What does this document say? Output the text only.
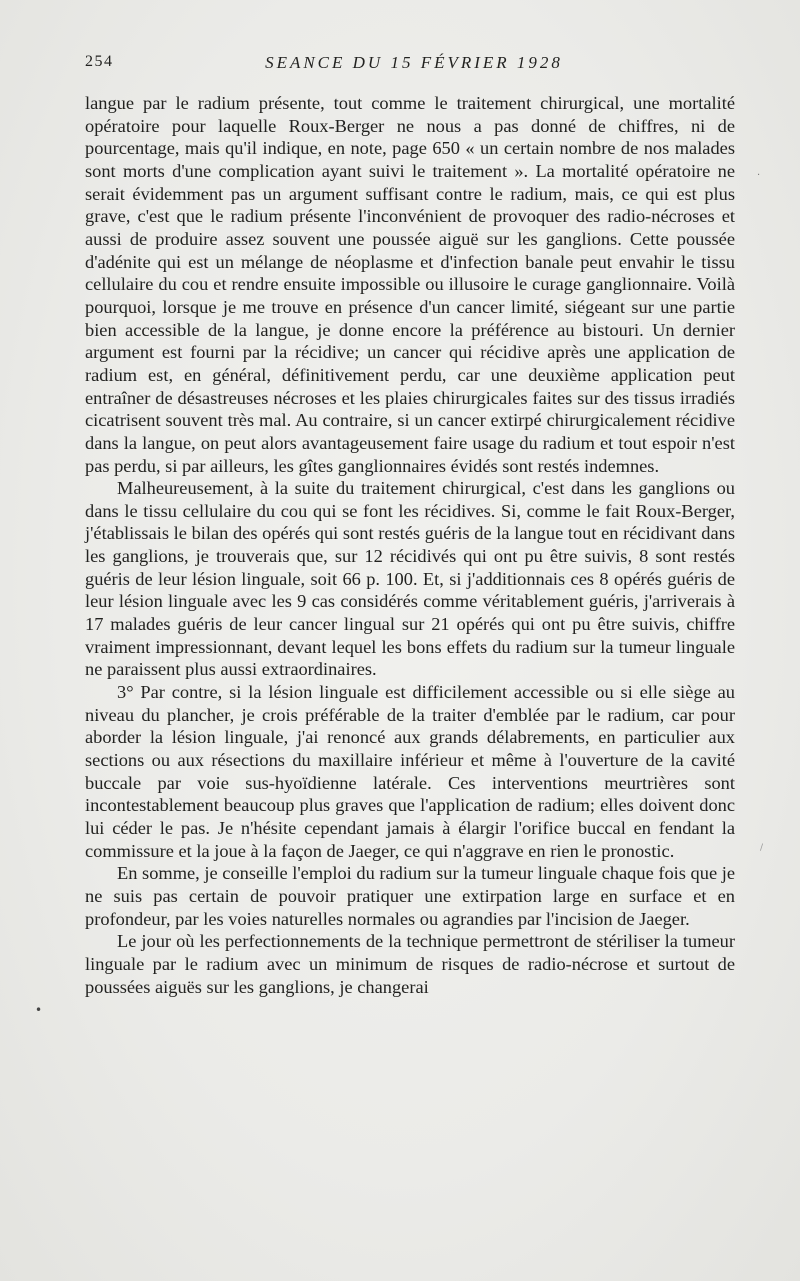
254	SEANCE DU 15 FÉVRIER 1928

langue par le radium présente, tout comme le traitement chirurgical, une mortalité opératoire pour laquelle Roux-Berger ne nous a pas donné de chiffres, ni de pourcentage, mais qu'il indique, en note, page 650 « un certain nombre de nos malades sont morts d'une complication ayant suivi le traitement ». La mortalité opératoire ne serait évidemment pas un argument suffisant contre le radium, mais, ce qui est plus grave, c'est que le radium présente l'inconvénient de provoquer des radio-nécroses et aussi de produire assez souvent une poussée aiguë sur les ganglions. Cette poussée d'adénite qui est un mélange de néoplasme et d'infection banale peut envahir le tissu cellulaire du cou et rendre ensuite impossible ou illusoire le curage ganglionnaire. Voilà pourquoi, lorsque je me trouve en présence d'un cancer limité, siégeant sur une partie bien accessible de la langue, je donne encore la préférence au bistouri. Un dernier argument est fourni par la récidive; un cancer qui récidive après une application de radium est, en général, définitivement perdu, car une deuxième application peut entraîner de désastreuses nécroses et les plaies chirurgicales faites sur des tissus irradiés cicatrisent souvent très mal. Au contraire, si un cancer extirpé chirurgicalement récidive dans la langue, on peut alors avantageusement faire usage du radium et tout espoir n'est pas perdu, si par ailleurs, les gîtes ganglionnaires évidés sont restés indemnes.

Malheureusement, à la suite du traitement chirurgical, c'est dans les ganglions ou dans le tissu cellulaire du cou qui se font les récidives. Si, comme le fait Roux-Berger, j'établissais le bilan des opérés qui sont restés guéris de la langue tout en récidivant dans les ganglions, je trouverais que, sur 12 récidivés qui ont pu être suivis, 8 sont restés guéris de leur lésion linguale, soit 66 p. 100. Et, si j'additionnais ces 8 opérés guéris de leur lésion linguale avec les 9 cas considérés comme véritablement guéris, j'arriverais à 17 malades guéris de leur cancer lingual sur 21 opérés qui ont pu être suivis, chiffre vraiment impressionnant, devant lequel les bons effets du radium sur la tumeur linguale ne paraissent plus aussi extraordinaires.

3° Par contre, si la lésion linguale est difficilement accessible ou si elle siège au niveau du plancher, je crois préférable de la traiter d'emblée par le radium, car pour aborder la lésion linguale, j'ai renoncé aux grands délabrements, en particulier aux sections ou aux résections du maxillaire inférieur et même à l'ouverture de la cavité buccale par voie sus-hyoïdienne latérale. Ces interventions meurtrières sont incontestablement beaucoup plus graves que l'application de radium; elles doivent donc lui céder le pas. Je n'hésite cependant jamais à élargir l'orifice buccal en fendant la commissure et la joue à la façon de Jaeger, ce qui n'aggrave en rien le pronostic.

En somme, je conseille l'emploi du radium sur la tumeur linguale chaque fois que je ne suis pas certain de pouvoir pratiquer une extirpation large en surface et en profondeur, par les voies naturelles normales ou agrandies par l'incision de Jaeger.

Le jour où les perfectionnements de la technique permettront de stériliser la tumeur linguale par le radium avec un minimum de risques de radio-nécrose et surtout de poussées aiguës sur les ganglions, je changerai

·
•
/
